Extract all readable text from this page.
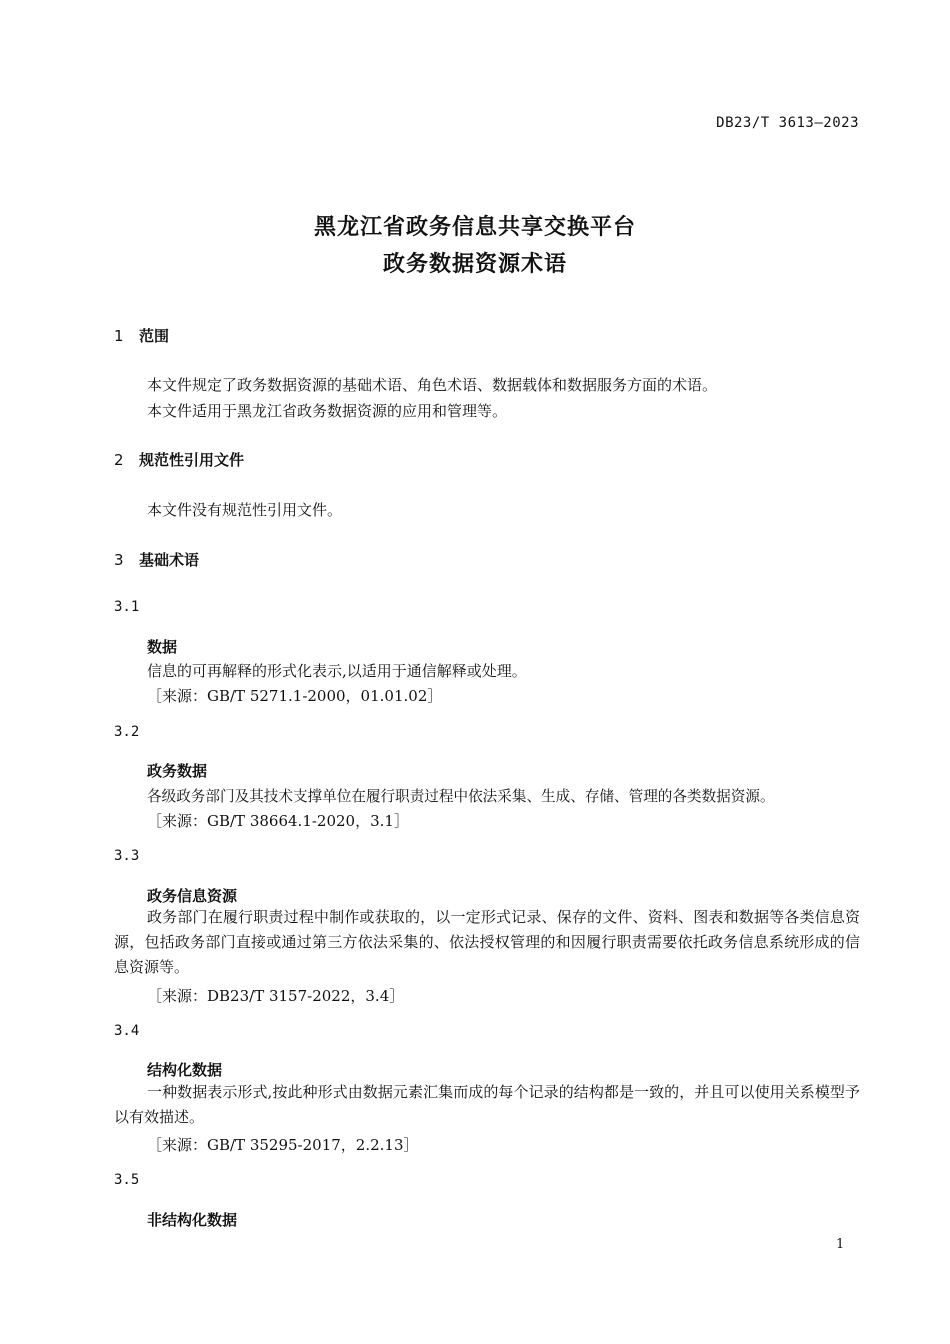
DB23/T 3613—2023
黑龙江省政务信息共享交换平台
政务数据资源术语
1 范围
本文件规定了政务数据资源的基础术语、角色术语、数据载体和数据服务方面的术语。
本文件适用于黑龙江省政务数据资源的应用和管理等。
2 规范性引用文件
本文件没有规范性引用文件。
3 基础术语
3.1
数据
信息的可再解释的形式化表示,以适用于通信解释或处理。
［来源：GB/T 5271.1-2000，01.01.02］
3.2
政务数据
各级政务部门及其技术支撑单位在履行职责过程中依法采集、生成、存储、管理的各类数据资源。
［来源：GB/T 38664.1-2020，3.1］
3.3
政务信息资源
政务部门在履行职责过程中制作或获取的，以一定形式记录、保存的文件、资料、图表和数据等各类信息资源，包括政务部门直接或通过第三方依法采集的、依法授权管理的和因履行职责需要依托政务信息系统形成的信息资源等。
［来源：DB23/T 3157-2022，3.4］
3.4
结构化数据
一种数据表示形式,按此种形式由数据元素汇集而成的每个记录的结构都是一致的，并且可以使用关系模型予以有效描述。
［来源：GB/T 35295-2017，2.2.13］
3.5
非结构化数据
1
